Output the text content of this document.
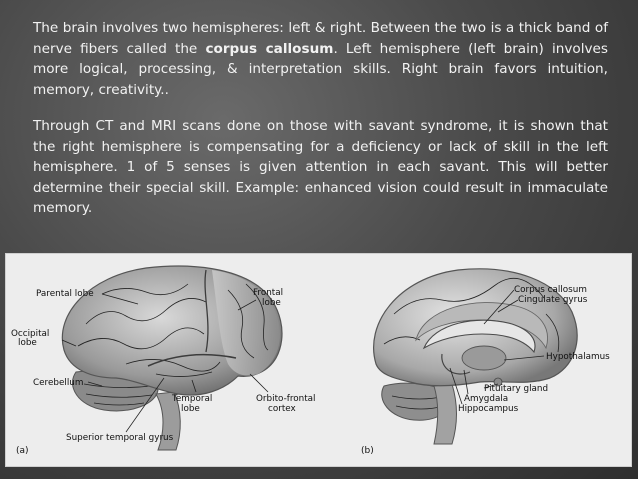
The brain involves two hemispheres: left & right. Between the two is a thick band of nerve fibers called the corpus callosum. Left hemisphere (left brain) involves more logical, processing, & interpretation skills. Right brain favors intuition, memory, creativity..

Through CT and MRI scans done on those with savant syndrome, it is shown that the right hemisphere is compensating for a deficiency or lack of skill in the left hemisphere. 1 of 5 senses is given attention in each savant. This will better determine their special skill. Example: enhanced vision could result in immaculate memory.

Parental lobe	Frontal
lobe
Occipital
lobe
Cerebellum
Temporal
lobe
Orbito-frontal
cortex
Superior temporal gyrus
(a)
Corpus callosum
Cingulate gyrus
Hypothalamus
Pituitary gland
Amygdala
Hippocampus
(b)
